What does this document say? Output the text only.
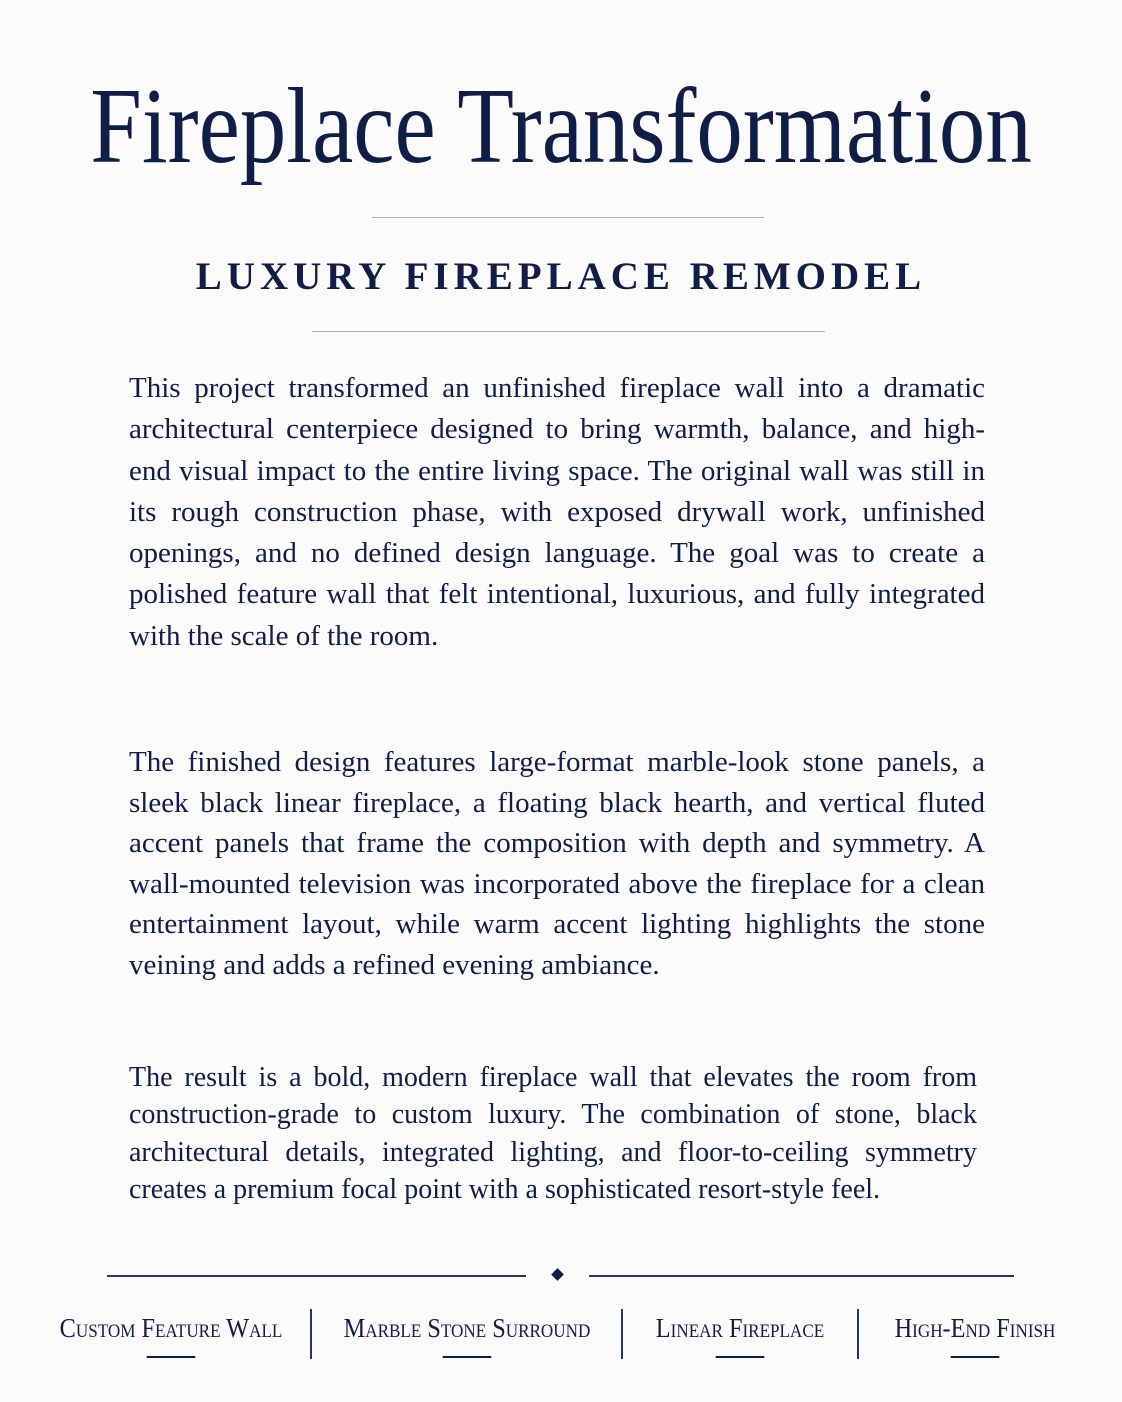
Fireplace Transformation
LUXURY FIREPLACE REMODEL

This project transformed an unfinished fireplace wall into a dramatic architectural centerpiece designed to bring warmth, balance, and high-end visual impact to the entire living space. The original wall was still in its rough construction phase, with exposed drywall work, unfinished openings, and no defined design language. The goal was to create a polished feature wall that felt intentional, luxurious, and fully integrated with the scale of the room.

The finished design features large-format marble-look stone panels, a sleek black linear fireplace, a floating black hearth, and vertical fluted accent panels that frame the composition with depth and symmetry. A wall-mounted television was incorporated above the fireplace for a clean entertainment layout, while warm accent lighting highlights the stone veining and adds a refined evening ambiance.

The result is a bold, modern fireplace wall that elevates the room from construction-grade to custom luxury. The combination of stone, black architectural details, integrated lighting, and floor-to-ceiling symmetry creates a premium focal point with a sophisticated resort-style feel.

Custom Feature Wall	Marble Stone Surround	Linear Fireplace	High-End Finish
